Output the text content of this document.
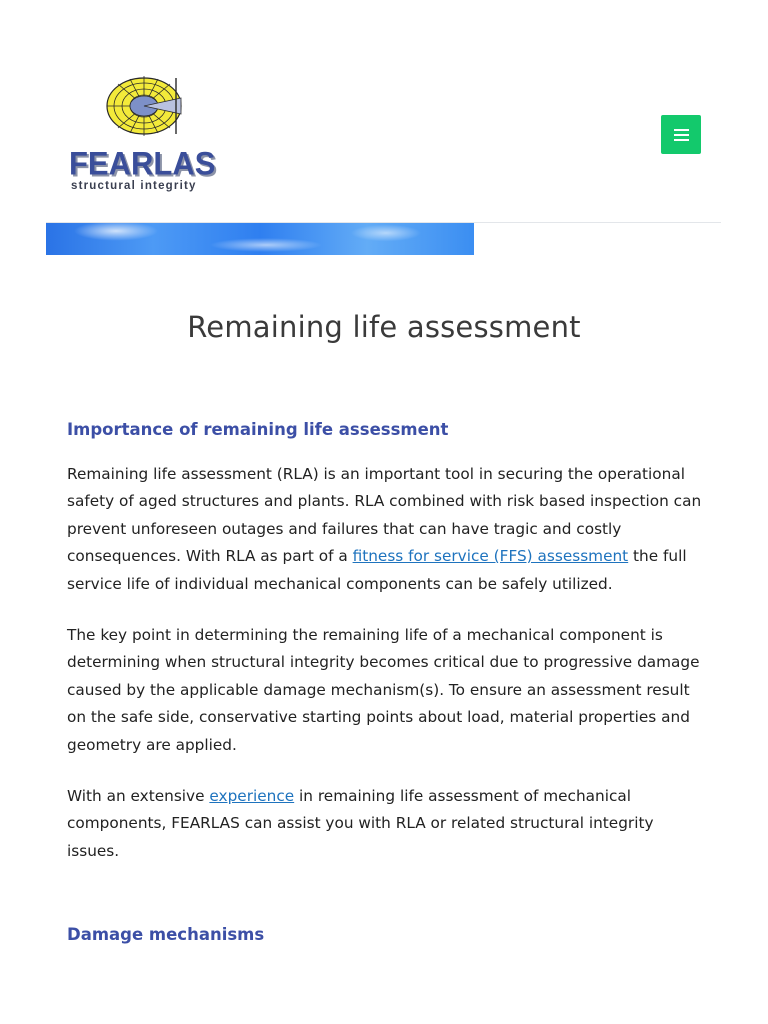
FEARLAS
structural integrity
Remaining life assessment
Importance of remaining life assessment

Remaining life assessment (RLA) is an important tool in securing the operational safety of aged structures and plants. RLA combined with risk based inspection can prevent unforeseen outages and failures that can have tragic and costly consequences. With RLA as part of a fitness for service (FFS) assessment the full service life of individual mechanical components can be safely utilized.

The key point in determining the remaining life of a mechanical component is determining when structural integrity becomes critical due to progressive damage caused by the applicable damage mechanism(s). To ensure an assessment result on the safe side, conservative starting points about load, material properties and geometry are applied.

With an extensive experience in remaining life assessment of mechanical components, FEARLAS can assist you with RLA or related structural integrity issues.

Damage mechanisms
